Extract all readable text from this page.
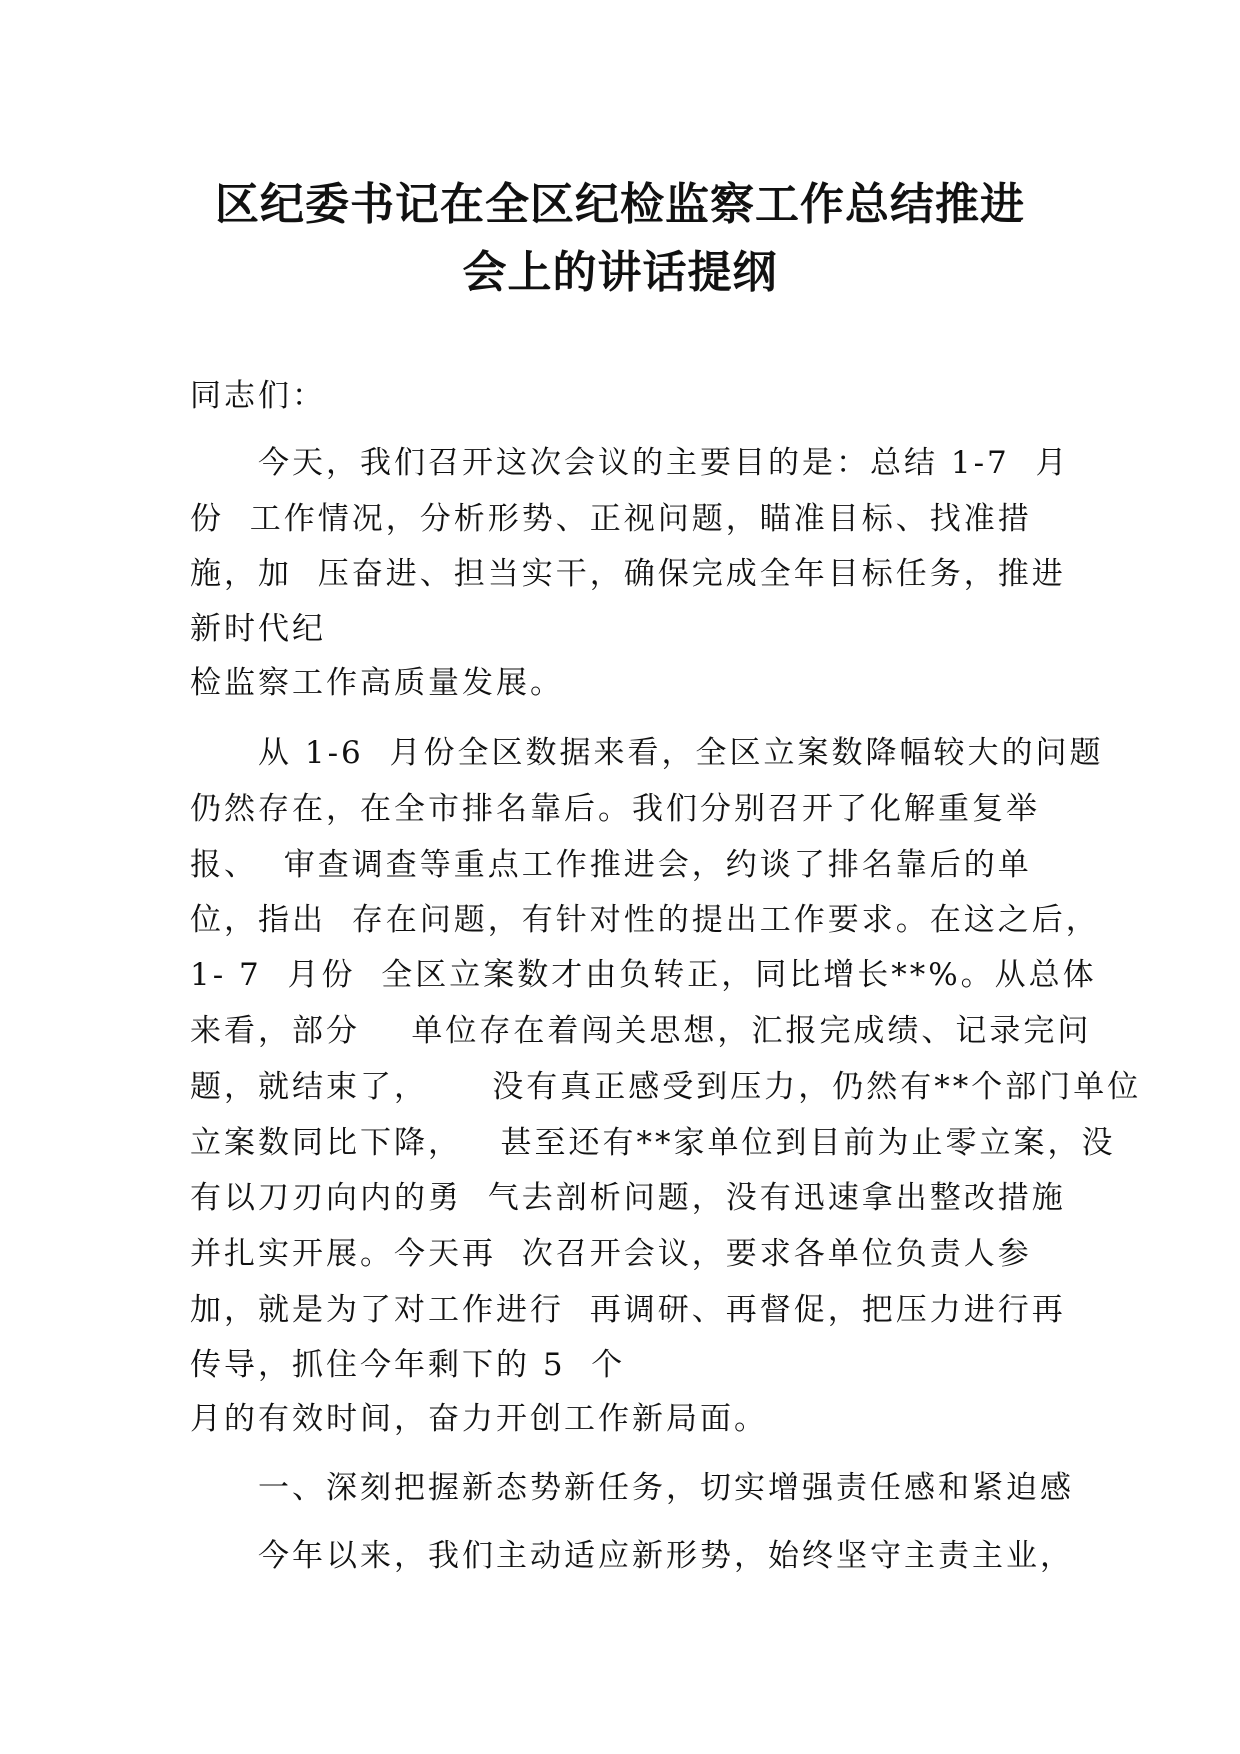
区纪委书记在全区纪检监察工作总结推进
会上的讲话提纲
同志们：
今天，我们召开这次会议的主要目的是：总结 1-7  月
份  工作情况，分析形势、正视问题，瞄准目标、找准措
施，加  压奋进、担当实干，确保完成全年目标任务，推进
新时代纪
检监察工作高质量发展。
从 1-6  月份全区数据来看，全区立案数降幅较大的问题
仍然存在，在全市排名靠后。我们分别召开了化解重复举
报、  审查调查等重点工作推进会，约谈了排名靠后的单
位，指出  存在问题，有针对性的提出工作要求。在这之后，
1- 7  月份  全区立案数才由负转正，同比增长**%。从总体
来看，部分    单位存在着闯关思想，汇报完成绩、记录完问
题，就结束了，     没有真正感受到压力，仍然有**个部门单位
立案数同比下降，   甚至还有**家单位到目前为止零立案，没
有以刀刃向内的勇  气去剖析问题，没有迅速拿出整改措施
并扎实开展。今天再  次召开会议，要求各单位负责人参
加，就是为了对工作进行  再调研、再督促，把压力进行再
传导，抓住今年剩下的 5  个
月的有效时间，奋力开创工作新局面。
一、深刻把握新态势新任务，切实增强责任感和紧迫感
今年以来，我们主动适应新形势，始终坚守主责主业，
